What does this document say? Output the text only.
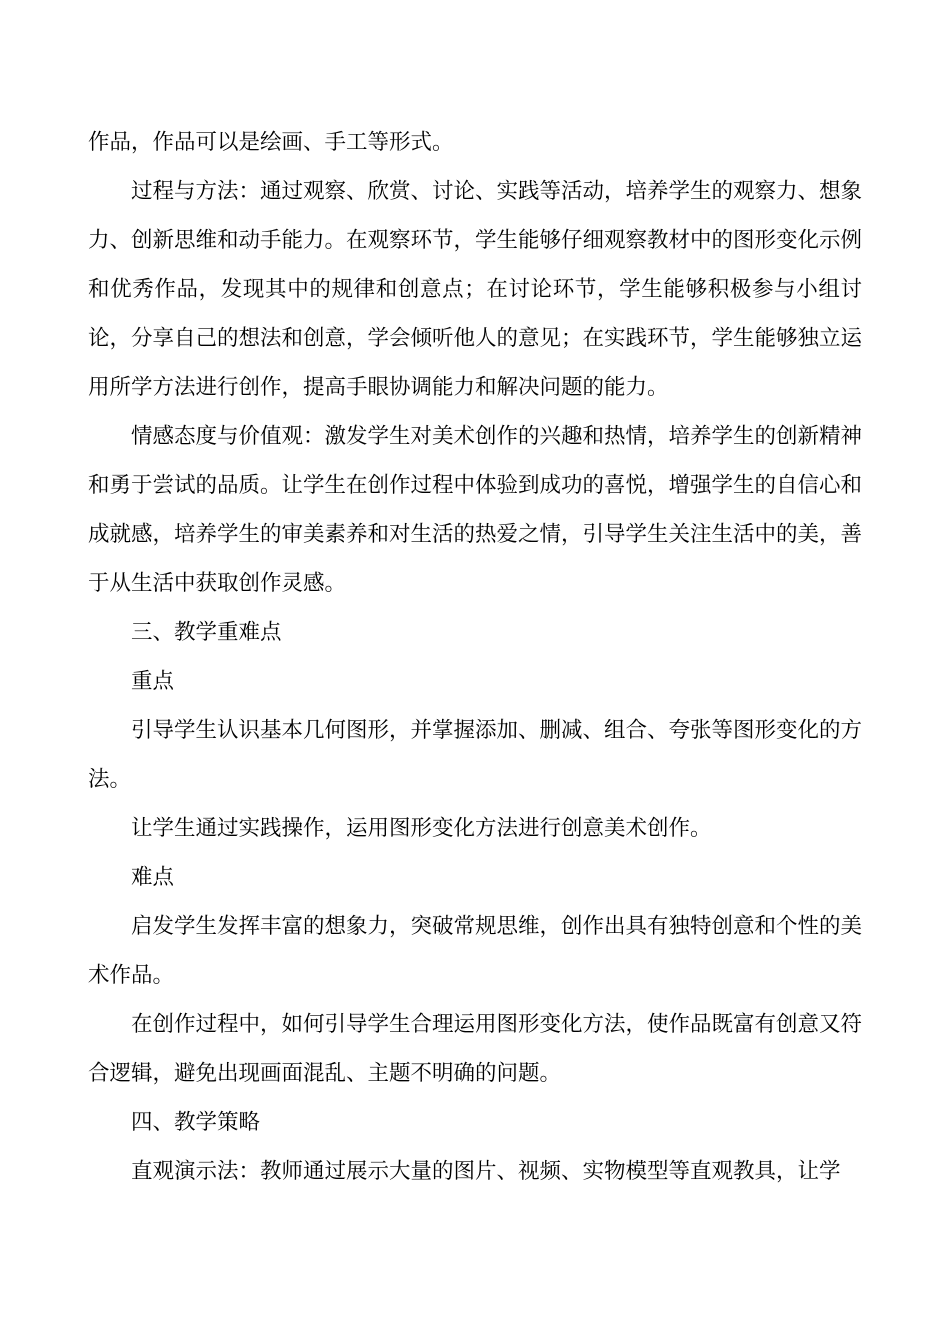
作品，作品可以是绘画、手工等形式。

过程与方法：通过观察、欣赏、讨论、实践等活动，培养学生的观察力、想象力、创新思维和动手能力。在观察环节，学生能够仔细观察教材中的图形变化示例和优秀作品，发现其中的规律和创意点；在讨论环节，学生能够积极参与小组讨论，分享自己的想法和创意，学会倾听他人的意见；在实践环节，学生能够独立运用所学方法进行创作，提高手眼协调能力和解决问题的能力。

情感态度与价值观：激发学生对美术创作的兴趣和热情，培养学生的创新精神和勇于尝试的品质。让学生在创作过程中体验到成功的喜悦，增强学生的自信心和成就感，培养学生的审美素养和对生活的热爱之情，引导学生关注生活中的美，善于从生活中获取创作灵感。

三、教学重难点

重点

引导学生认识基本几何图形，并掌握添加、删减、组合、夸张等图形变化的方法。

让学生通过实践操作，运用图形变化方法进行创意美术创作。

难点

启发学生发挥丰富的想象力，突破常规思维，创作出具有独特创意和个性的美术作品。

在创作过程中，如何引导学生合理运用图形变化方法，使作品既富有创意又符合逻辑，避免出现画面混乱、主题不明确的问题。

四、教学策略

直观演示法：教师通过展示大量的图片、视频、实物模型等直观教具，让学
